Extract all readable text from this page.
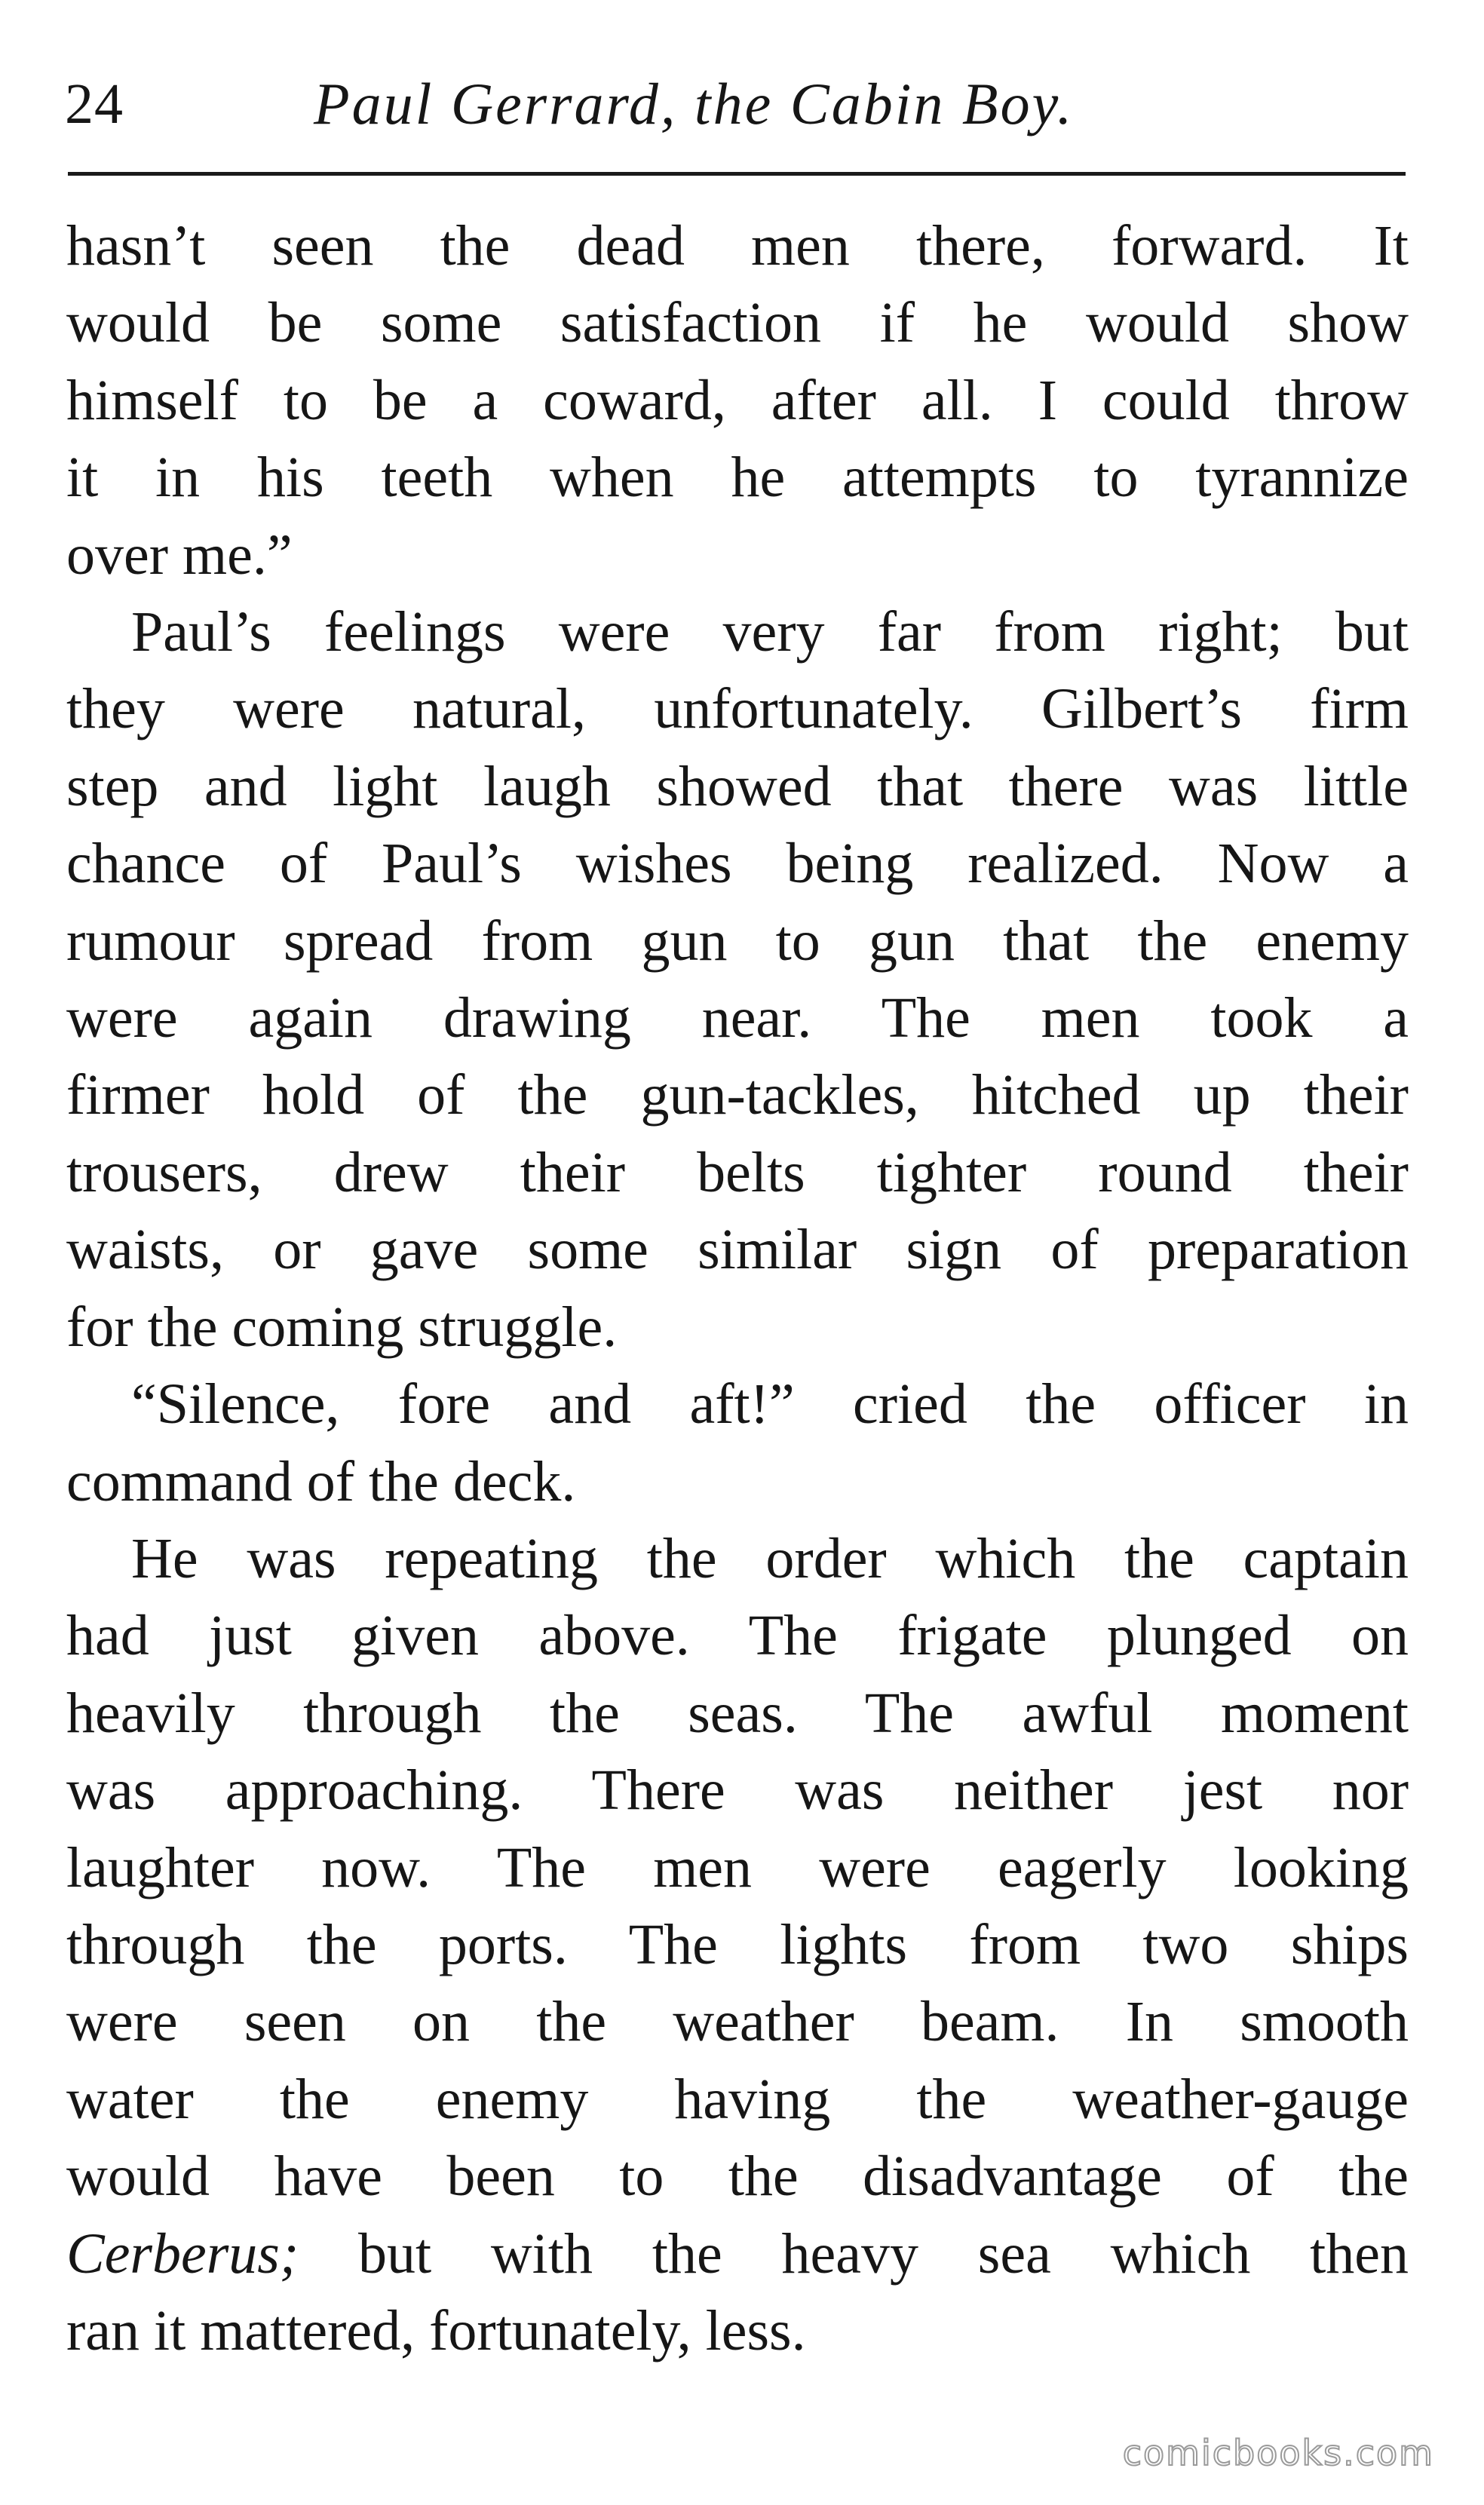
24	Paul Gerrard, the Cabin Boy.

hasn’t seen the dead men there, forward. It
would be some satisfaction if he would show
himself to be a coward, after all. I could throw
it in his teeth when he attempts to tyrannize
over me.”

Paul’s feelings were very far from right; but
they were natural, unfortunately. Gilbert’s firm
step and light laugh showed that there was little
chance of Paul’s wishes being realized. Now a
rumour spread from gun to gun that the enemy
were again drawing near. The men took a
firmer hold of the gun-tackles, hitched up their
trousers, drew their belts tighter round their
waists, or gave some similar sign of preparation
for the coming struggle.

“Silence, fore and aft!” cried the officer in
command of the deck.

He was repeating the order which the captain
had just given above. The frigate plunged on
heavily through the seas. The awful moment
was approaching. There was neither jest nor
laughter now. The men were eagerly looking
through the ports. The lights from two ships
were seen on the weather beam. In smooth
water the enemy having the weather-gauge
would have been to the disadvantage of the
Cerberus; but with the heavy sea which then
ran it mattered, fortunately, less.

comicbooks.com
